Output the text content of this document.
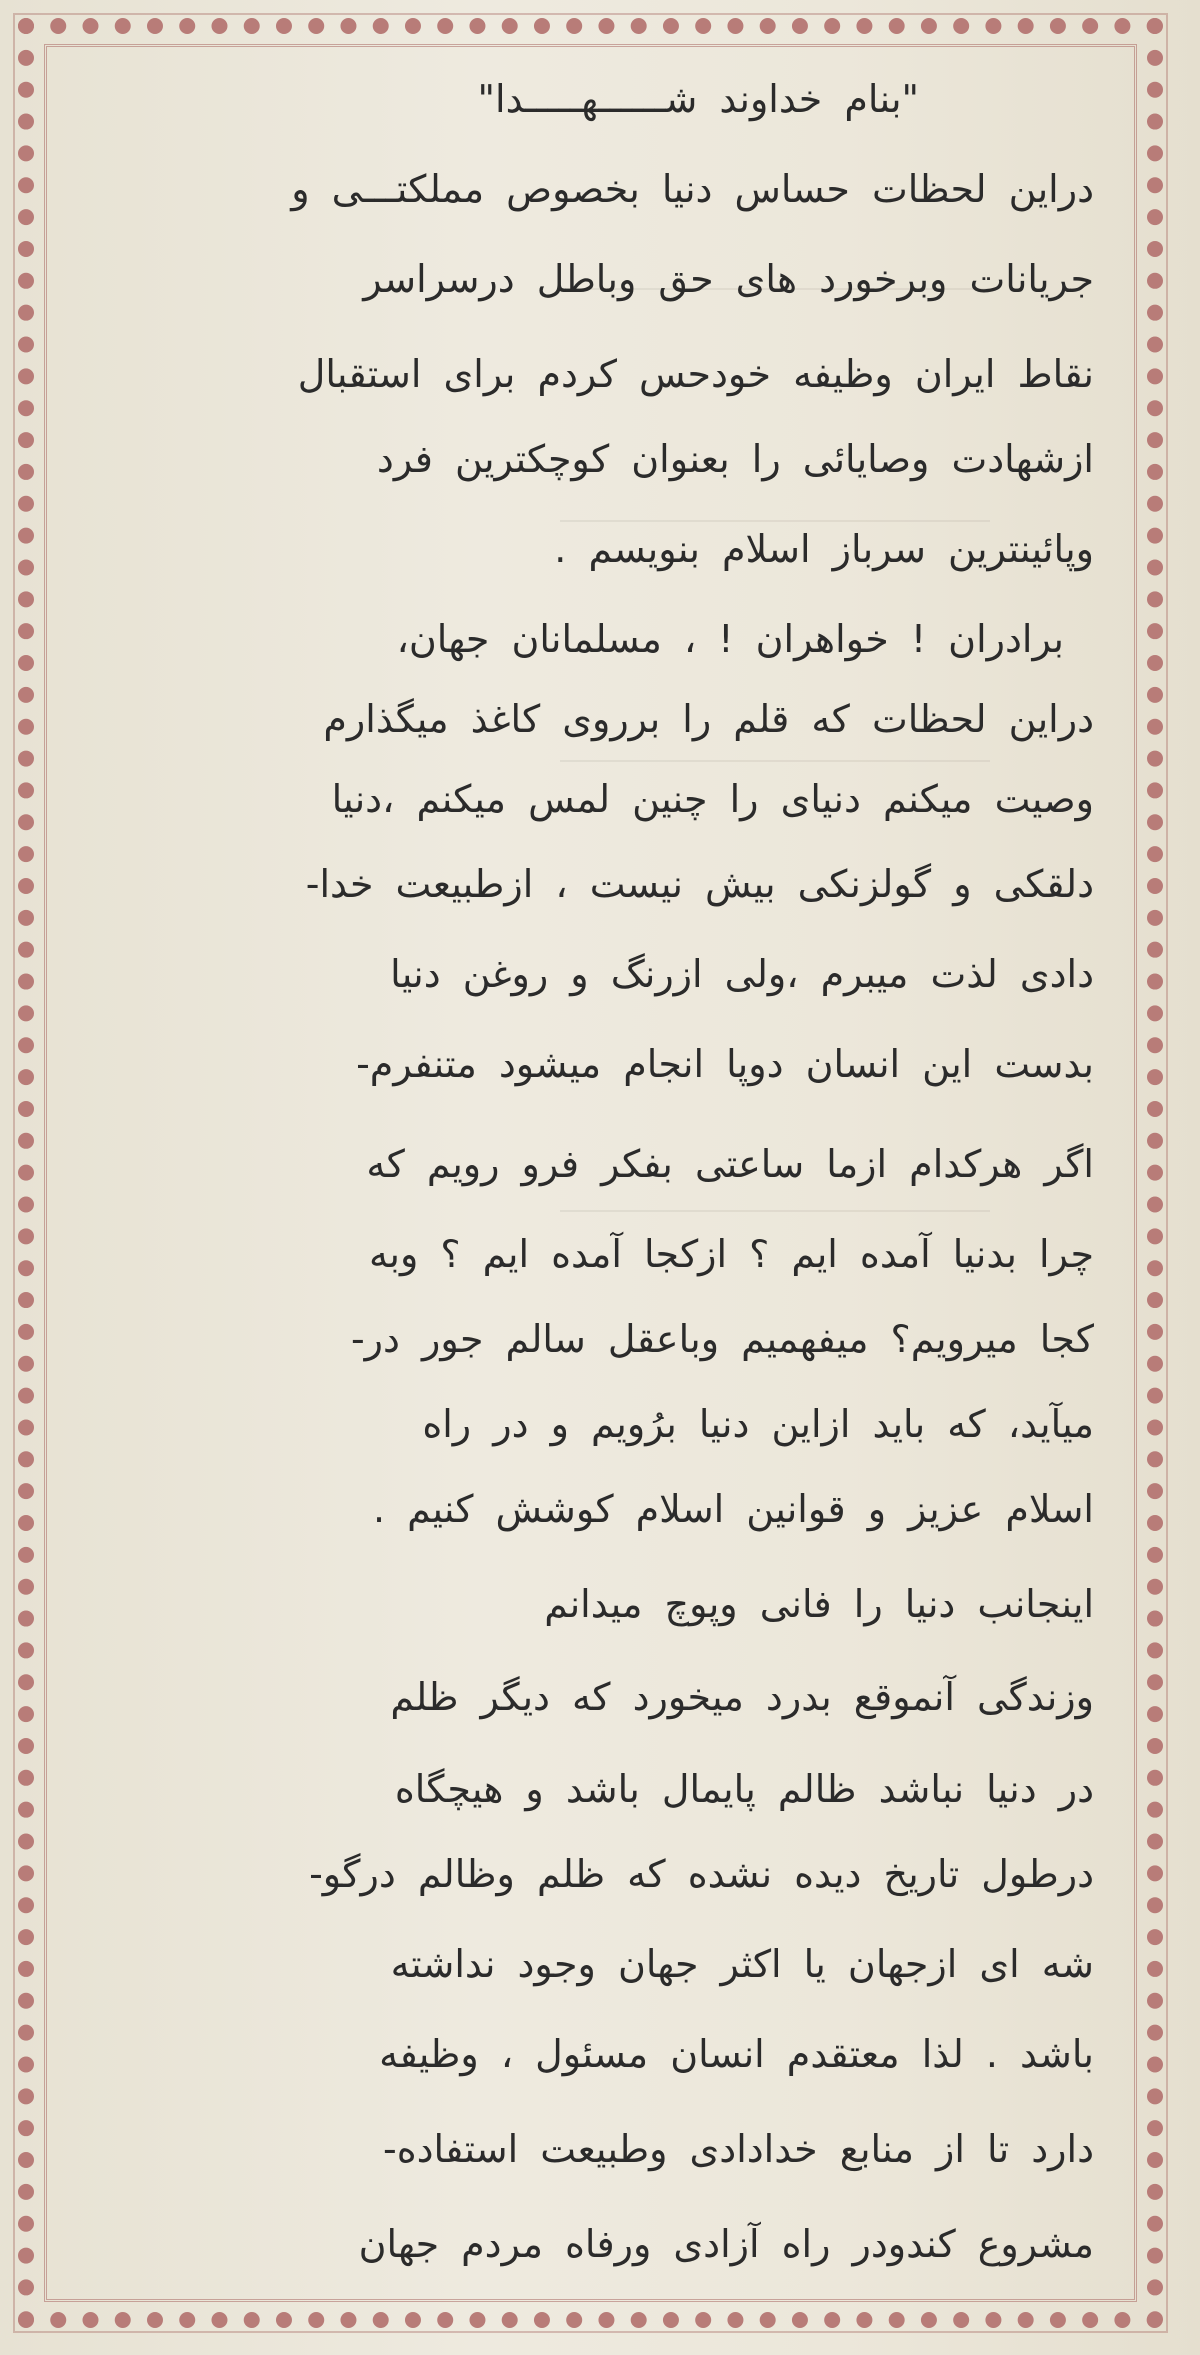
"بنام خداوند شــــــهـــــدا"
دراین لحظات حساس دنیا بخصوص مملکتـــی و
جریانات وبرخورد های حق وباطل درسراسر
نقاط ایران وظیفه خودحس کردم برای استقبال
ازشهادت وصایائی را بعنوان کوچکترین فرد
وپائینترین سرباز اسلام بنویسم .
برادران ! خواهران ! ، مسلمانان جهان،
دراین لحظات که قلم را برروی کاغذ میگذارم
وصیت میکنم دنیای را چنین لمس میکنم ،دنیا
دلقکی و گولزنکی بیش نیست ، ازطبیعت خدا-
دادی لذت میبرم ،ولی ازرنگ و روغن دنیا
بدست این انسان دوپا انجام میشود متنفرم-
اگر هرکدام ازما ساعتی بفکر فرو رویم که
چرا بدنیا آمده ایم ؟ ازکجا آمده ایم ؟ وبه
کجا میرویم؟ میفهمیم وباعقل سالم جور در-
میآید، که باید ازاین دنیا برُویم و در راه
اسلام عزیز و قوانین اسلام کوشش کنیم .
اینجانب دنیا را فانی وپوچ میدانم
وزندگی آنموقع بدرد میخورد که دیگر ظلم
در دنیا نباشد ظالم پایمال باشد و هیچگاه
درطول تاریخ دیده نشده که ظلم وظالم درگو-
شه ای ازجهان یا اکثر جهان وجود نداشته
باشد . لذا معتقدم انسان مسئول ، وظیفه
دارد تا از منابع خدادادی وطبیعت استفاده-
مشروع کندودر راه آزادی ورفاه مردم جهان
